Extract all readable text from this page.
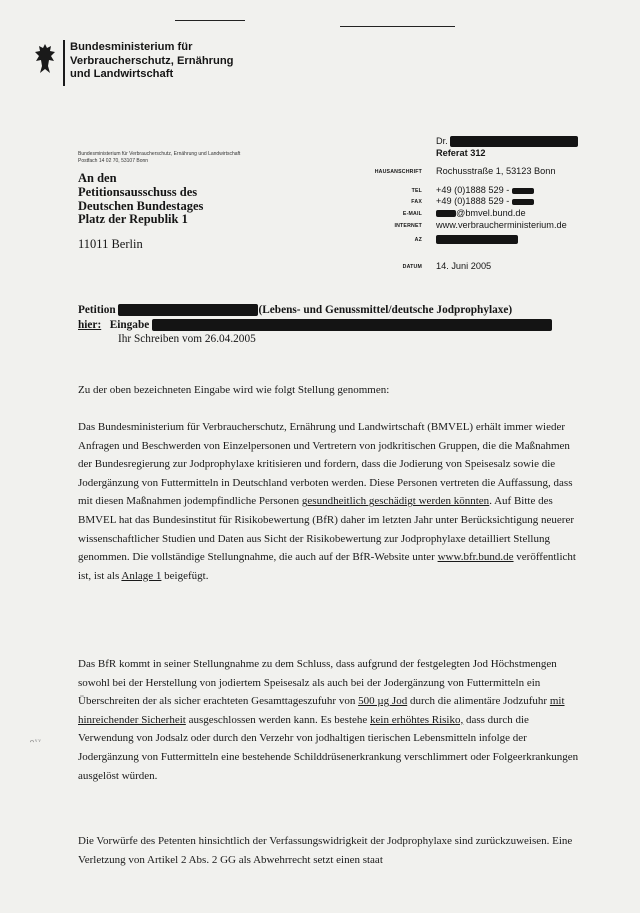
Bundesministerium für
Verbraucherschutz, Ernährung
und Landwirtschaft
Bundesministerium für Verbraucherschutz, Ernährung und Landwirtschaft
Postfach 14 02 70, 53107 Bonn
An den
Petitionsausschuss des
Deutschen Bundestages
Platz der Republik 1
11011 Berlin
Dr.
Referat 312
HAUSANSCHRIFT Rochusstraße 1, 53123 Bonn
TEL +49 (0)1888 529 -
FAX +49 (0)1888 529 -
E-MAIL	@bmvel.bund.de
INTERNET www.verbraucherministerium.de
AZ
DATUM 14. Juni 2005
Petition	(Lebens- und Genussmittel/deutsche Jodprophylaxe)
hier: Eingabe
Ihr Schreiben vom 26.04.2005
Zu der oben bezeichneten Eingabe wird wie folgt Stellung genommen:
Das Bundesministerium für Verbraucherschutz, Ernährung und Landwirtschaft (BMVEL) erhält immer wieder Anfragen und Beschwerden von Einzelpersonen und Vertretern von jodkritischen Gruppen, die die Maßnahmen der Bundesregierung zur Jodprophylaxe kritisieren und fordern, dass die Jodierung von Speisesalz sowie die Jodergänzung von Futtermitteln in Deutschland verboten werden. Diese Personen vertreten die Auffassung, dass mit diesen Maßnahmen jodempfindliche Personen gesundheitlich geschädigt werden könnten. Auf Bitte des BMVEL hat das Bundesinstitut für Risikobewertung (BfR) daher im letzten Jahr unter Berücksichtigung neuerer wissenschaftlicher Studien und Daten aus Sicht der Risikobewertung zur Jodprophylaxe detailliert Stellung genommen. Die vollständige Stellungnahme, die auch auf der BfR-Website unter www.bfr.bund.de veröffentlicht ist, ist als Anlage 1 beigefügt.
Das BfR kommt in seiner Stellungnahme zu dem Schluss, dass aufgrund der festgelegten Jod Höchstmengen sowohl bei der Herstellung von jodiertem Speisesalz als auch bei der Jodergänzung von Futtermitteln ein Überschreiten der als sicher erachteten Gesamttageszufuhr von 500 µg Jod durch die alimentäre Jodzufuhr mit hinreichender Sicherheit ausgeschlossen werden kann. Es bestehe kein erhöhtes Risiko, dass durch die Verwendung von Jodsalz oder durch den Verzehr von jodhaltigen tierischen Lebensmitteln infolge der Jodergänzung von Futtermitteln eine bestehende Schilddrüsenerkrankung verschlimmert oder Folgeerkrankungen ausgelöst würden.
Die Vorwürfe des Petenten hinsichtlich der Verfassungswidrigkeit der Jodprophylaxe sind zurückzuweisen. Eine Verletzung von Artikel 2 Abs. 2 GG als Abwehrrecht setzt einen staat
ᴖᵛᵛ
